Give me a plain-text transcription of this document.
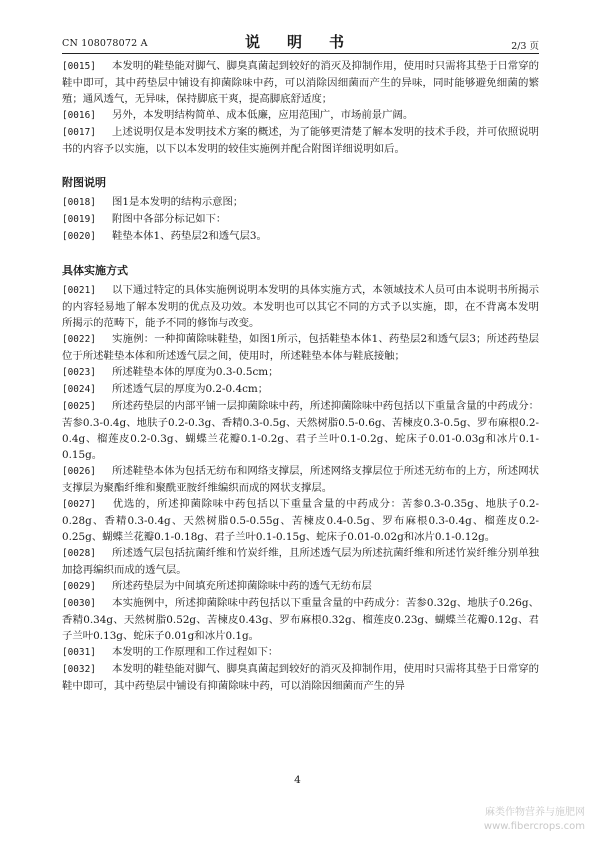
CN 108078072 A	说　明　书	2/3 页

[0015] 本发明的鞋垫能对脚气、脚臭真菌起到较好的消灭及抑制作用，使用时只需将其垫于日常穿的鞋中即可，其中药垫层中铺设有抑菌除味中药，可以消除因细菌而产生的异味，同时能够避免细菌的繁殖；通风透气，无异味，保持脚底干爽，提高脚底舒适度；

[0016] 另外，本发明结构简单、成本低廉，应用范围广，市场前景广阔。

[0017] 上述说明仅是本发明技术方案的概述，为了能够更清楚了解本发明的技术手段，并可依照说明书的内容予以实施，以下以本发明的较佳实施例并配合附图详细说明如后。

附图说明

[0018] 图1是本发明的结构示意图；

[0019] 附图中各部分标记如下：

[0020] 鞋垫本体1、药垫层2和透气层3。

具体实施方式

[0021] 以下通过特定的具体实施例说明本发明的具体实施方式，本领域技术人员可由本说明书所揭示的内容轻易地了解本发明的优点及功效。本发明也可以其它不同的方式予以实施，即，在不背离本发明所揭示的范畴下，能予不同的修饰与改变。

[0022] 实施例：一种抑菌除味鞋垫，如图1所示，包括鞋垫本体1、药垫层2和透气层3；所述药垫层位于所述鞋垫本体和所述透气层之间，使用时，所述鞋垫本体与鞋底接触；

[0023] 所述鞋垫本体的厚度为0.3-0.5cm；

[0024] 所述透气层的厚度为0.2-0.4cm；

[0025] 所述药垫层的内部平铺一层抑菌除味中药，所述抑菌除味中药包括以下重量含量的中药成分：苦参0.3-0.4g、地肤子0.2-0.3g、香精0.3-0.5g、天然树脂0.5-0.6g、苦楝皮0.3-0.5g、罗布麻根0.2-0.4g、榴莲皮0.2-0.3g、蝴蝶兰花瓣0.1-0.2g、君子兰叶0.1-0.2g、蛇床子0.01-0.03g和冰片0.1-0.15g。

[0026] 所述鞋垫本体为包括无纺布和网络支撑层，所述网络支撑层位于所述无纺布的上方，所述网状支撑层为聚酯纤维和聚酰亚胺纤维编织而成的网状支撑层。

[0027] 优选的，所述抑菌除味中药包括以下重量含量的中药成分：苦参0.3-0.35g、地肤子0.2-0.28g、香精0.3-0.4g、天然树脂0.5-0.55g、苦楝皮0.4-0.5g、罗布麻根0.3-0.4g、榴莲皮0.2-0.25g、蝴蝶兰花瓣0.1-0.18g、君子兰叶0.1-0.15g、蛇床子0.01-0.02g和冰片0.1-0.12g。

[0028] 所述透气层包括抗菌纤维和竹炭纤维，且所述透气层为所述抗菌纤维和所述竹炭纤维分别单独加捻再编织而成的透气层。

[0029] 所述药垫层为中间填充所述抑菌除味中药的透气无纺布层

[0030] 本实施例中，所述抑菌除味中药包括以下重量含量的中药成分：苦参0.32g、地肤子0.26g、香精0.34g、天然树脂0.52g、苦楝皮0.43g、罗布麻根0.32g、榴莲皮0.23g、蝴蝶兰花瓣0.12g、君子兰叶0.13g、蛇床子0.01g和冰片0.1g。

[0031] 本发明的工作原理和工作过程如下：

[0032] 本发明的鞋垫能对脚气、脚臭真菌起到较好的消灭及抑制作用，使用时只需将其垫于日常穿的鞋中即可，其中药垫层中铺设有抑菌除味中药，可以消除因细菌而产生的异

4
麻类作物营养与施肥网
www.fibercrops.com
